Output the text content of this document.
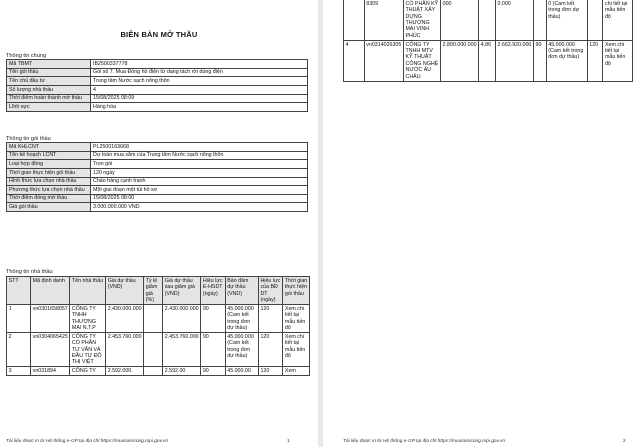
BIÊN BẢN MỞ THẦU
Thông tin chung
Mã TBMT	IB2500337778
Tên gói thầu	Gói số 7. Mua Đồng hồ điện từ dạng tách rời dùng điện
Tên chủ đầu tư	Trung tâm Nước sạch nông thôn
Số lượng nhà thầu	4
Thời điểm hoàn thành mở thầu	15/08/2025 08:09
Lĩnh vực	Hàng hóa
Thông tin gói thầu
Mã KHLCNT	PL2500163668
Tên kế hoạch LCNT	Dự toán mua sắm của Trung tâm Nước sạch nông thôn
Loại hợp đồng	Trọn gói
Thời gian thực hiện gói thầu	120 ngày
Hình thức lựa chọn nhà thầu	Chào hàng cạnh tranh
Phương thức lựa chọn nhà thầu	Một giai đoạn một túi hồ sơ
Thời điểm đóng mở thầu	15/08/2025 08:00
Giá gói thầu	3.000.000.000 VND
Thông tin nhà thầu
STT	Mã định danh	Tên nhà thầu	Giá dự thầu (VND)	Tỷ lệ giảm giá (%)	Giá dự thầu sau giảm giá (VND)	Hiệu lực E-HSDT (ngày)	Bảo đảm dự thầu (VND)	Hiệu lực của BĐ DT (ngày)	Thời gian thực hiện gói thầu
1	vn0301658057	CÔNG TY TNHH THƯƠNG MẠI N.T.P	2.430.000.000		2.430.000.000	90	45.000.000 (Cam kết trong đơn dự thầu)	120	Xem chi tiết tại mẫu tiến độ
2	vn0304065425	CÔNG TY CỔ PHẦN TƯ VẤN VÀ ĐẦU TƯ ĐÔ THỊ VIỆT	2.453.760.000		2.453.760.000	90	45.000.000 (Cam kết trong đơn dự thầu)	120	Xem chi tiết tại mẫu tiến độ
3	vn031894	CÔNG TY	2.592.000.		2.592.00	90	45.000.00	120	Xem
Tài liệu được in từ Hệ thống e-GP tại địa chỉ https://muasamcong.mpi.gov.vn	1
	8309	CỔ PHẦN KỸ THUẬT XÂY DỰNG THƯƠNG MẠI VINH PHÚC	000		0.000		0 (Cam kết trong đơn dự thầu)		chi tiết tại mẫu tiến độ
4	vn0314026305	CÔNG TY TNHH MTV KỸ THUẬT CÔNG NGHỆ NƯỚC ÂU CHÂU	2.800.000.000	4,86	2.663.920.000	90	45.000.000 (Cam kết trong đơn dự thầu)	120	Xem chi tiết tại mẫu tiến độ
Tài liệu được in từ Hệ thống e-GP tại địa chỉ https://muasamcong.mpi.gov.vn	2
